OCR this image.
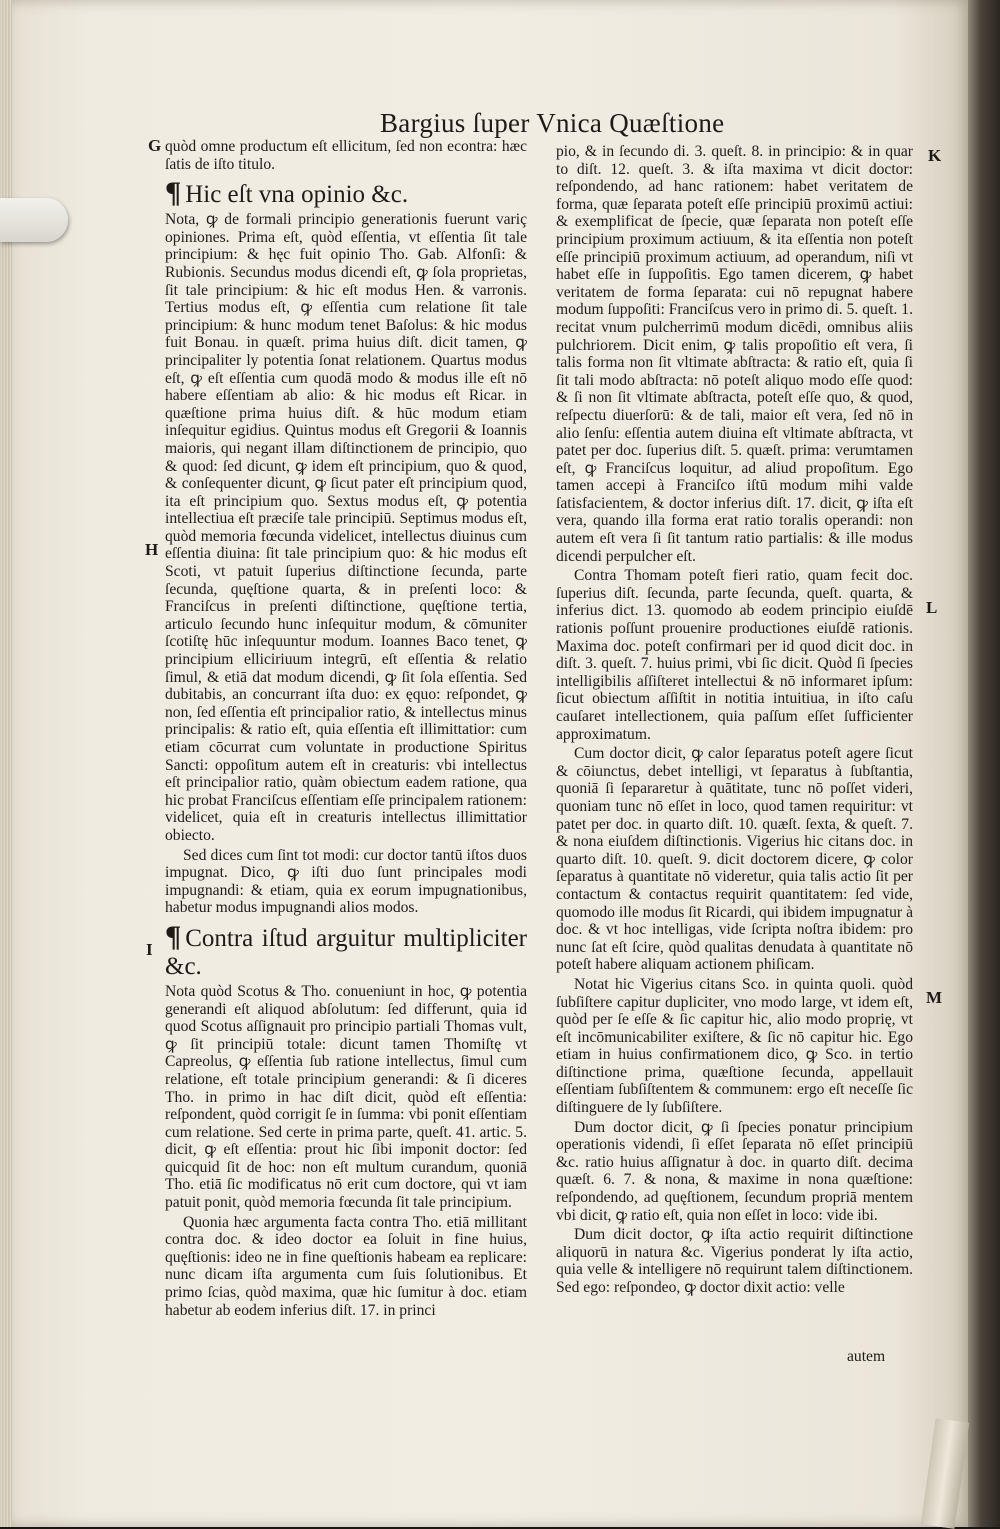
Bargius ſuper Vnica Quæſtione
G
H
I
K
L
M

quòd omne productum eſt ellicitum, ſed non econtra: hæc ſatis de iſto titulo.

¶ Hic eſt vna opinio &c.

Nota, ꝙ de formali principio generationis fuerunt variç opiniones. Prima eſt, quòd eſſentia, vt eſſentia ſit tale principium: & hęc fuit opinio Tho. Gab. Alfonſi: & Rubionis. Secundus modus dicendi eſt, ꝙ ſola proprietas, ſit tale principium: & hic eſt modus Hen. & varronis. Tertius modus eſt, ꝙ eſſentia cum relatione ſit tale principium: & hunc modum tenet Baſolus: & hic modus fuit Bonau. in quæſt. prima huius diſt. dicit tamen, ꝙ principaliter ly potentia ſonat relationem. Quartus modus eſt, ꝙ eſt eſſentia cum quodā modo & modus ille eſt nō habere eſſentiam ab alio: & hic modus eſt Ricar. in quæſtione prima huius diſt. & hūc modum etiam inſequitur egidius. Quintus modus eſt Gregorii & Ioannis maioris, qui negant illam diſtinctionem de principio, quo & quod: ſed dicunt, ꝙ idem eſt principium, quo & quod, & conſequenter dicunt, ꝙ ſicut pater eſt principium quod, ita eſt principium quo. Sextus modus eſt, ꝙ potentia intellectiua eſt præciſe tale principiū. Septimus modus eſt, quòd memoria fœcunda videlicet, intellectus diuinus cum eſſentia diuina: ſit tale principium quo: & hic modus eſt Scoti, vt patuit ſuperius diſtinctione ſecunda, parte ſecunda, quęſtione quarta, & in preſenti loco: & Franciſcus in preſenti diſtinctione, quęſtione tertia, articulo ſecundo hunc inſequitur modum, & cōmuniter ſcotiſtę hūc inſequuntur modum. Ioannes Baco tenet, ꝙ principium elliciriuum integrū, eſt eſſentia & relatio ſimul, & etiā dat modum dicendi, ꝙ ſit ſola eſſentia. Sed dubitabis, an concurrant iſta duo: ex ęquo: reſpondet, ꝙ non, ſed eſſentia eſt principalior ratio, & intellectus minus principalis: & ratio eſt, quia eſſentia eſt illimittatior: cum etiam cōcurrat cum voluntate in productione Spiritus Sancti: oppoſitum autem eſt in creaturis: vbi intellectus eſt principalior ratio, quàm obiectum eadem ratione, qua hic probat Franciſcus eſſentiam eſſe principalem rationem: videlicet, quia eſt in creaturis intellectus illimittatior obiecto.

Sed dices cum ſint tot modi: cur doctor tantū iſtos duos impugnat. Dico, ꝙ iſti duo ſunt principales modi impugnandi: & etiam, quia ex eorum impugnationibus, habetur modus impugnandi alios modos.

¶ Contra iſtud arguitur multipliciter &c.

Nota quòd Scotus & Tho. conueniunt in hoc, ꝙ potentia generandi eſt aliquod abſolutum: ſed differunt, quia id quod Scotus aſſignauit pro principio partiali Thomas vult, ꝙ ſit principiū totale: dicunt tamen Thomiſtę vt Capreolus, ꝙ eſſentia ſub ratione intellectus, ſimul cum relatione, eſt totale principium generandi: & ſi diceres Tho. in primo in hac diſt dicit, quòd eſt eſſentia: reſpondent, quòd corrigit ſe in ſumma: vbi ponit eſſentiam cum relatione. Sed certe in prima parte, queſt. 41. artic. 5. dicit, ꝙ eſt eſſentia: prout hic ſibi imponit doctor: ſed quicquid ſit de hoc: non eſt multum curandum, quoniā Tho. etiā ſic modificatus nō erit cum doctore, qui vt iam patuit ponit, quòd memoria fœcunda ſit tale principium.

Quonia hæc argumenta facta contra Tho. etiā millitant contra doc. & ideo doctor ea ſoluit in fine huius, quęſtionis: ideo ne in fine queſtionis habeam ea replicare: nunc dicam iſta argumenta cum ſuis ſolutionibus. Et primo ſcias, quòd maxima, quæ hic ſumitur à doc. etiam habetur ab eodem inferius diſt. 17. in princi

pio, & in ſecundo di. 3. queſt. 8. in principio: & in quar to diſt. 12. queſt. 3. & iſta maxima vt dicit doctor: reſpondendo, ad hanc rationem: habet veritatem de forma, quæ ſeparata poteſt eſſe principiū proximū actiui: & exemplificat de ſpecie, quæ ſeparata non poteſt eſſe principium proximum actiuum, & ita eſſentia non poteſt eſſe principiū proximum actiuum, ad operandum, niſi vt habet eſſe in ſuppoſitis. Ego tamen dicerem, ꝙ habet veritatem de forma ſeparata: cui nō repugnat habere modum ſuppoſiti: Franciſcus vero in primo di. 5. queſt. 1. recitat vnum pulcherrimū modum dicēdi, omnibus aliis pulchriorem. Dicit enim, ꝙ talis propoſitio eſt vera, ſi talis forma non ſit vltimate abſtracta: & ratio eſt, quia ſi ſit tali modo abſtracta: nō poteſt aliquo modo eſſe quod: & ſi non ſit vltimate abſtracta, poteſt eſſe quo, & quod, reſpectu diuerſorū: & de tali, maior eſt vera, ſed nō in alio ſenſu: eſſentia autem diuina eſt vltimate abſtracta, vt patet per doc. ſuperius diſt. 5. quæſt. prima: verumtamen eſt, ꝙ Franciſcus loquitur, ad aliud propoſitum. Ego tamen accepi à Franciſco iſtū modum mihi valde ſatisfacientem, & doctor inferius diſt. 17. dicit, ꝙ iſta eſt vera, quando illa forma erat ratio toralis operandi: non autem eſt vera ſi ſit tantum ratio partialis: & ille modus dicendi perpulcher eſt.

Contra Thomam poteſt fieri ratio, quam fecit doc. ſuperius diſt. ſecunda, parte ſecunda, queſt. quarta, & inferius dict. 13. quomodo ab eodem principio eiuſdē rationis poſſunt prouenire productiones eiuſdē rationis. Maxima doc. poteſt confirmari per id quod dicit doc. in diſt. 3. queſt. 7. huius primi, vbi ſic dicit. Quòd ſi ſpecies intelligibilis aſſiſteret intellectui & nō informaret ipſum: ſicut obiectum aſſiſtit in notitia intuitiua, in iſto caſu cauſaret intellectionem, quia paſſum eſſet ſufficienter approximatum.

Cum doctor dicit, ꝙ calor ſeparatus poteſt agere ſicut & cōiunctus, debet intelligi, vt ſeparatus à ſubſtantia, quoniā ſi ſepararetur à quātitate, tunc nō poſſet videri, quoniam tunc nō eſſet in loco, quod tamen requiritur: vt patet per doc. in quarto diſt. 10. quæſt. ſexta, & queſt. 7. & nona eiuſdem diſtinctionis. Vigerius hic citans doc. in quarto diſt. 10. queſt. 9. dicit doctorem dicere, ꝙ color ſeparatus à quantitate nō videretur, quia talis actio ſit per contactum & contactus requirit quantitatem: ſed vide, quomodo ille modus ſit Ricardi, qui ibidem impugnatur à doc. & vt hoc intelligas, vide ſcripta noſtra ibidem: pro nunc ſat eſt ſcire, quòd qualitas denudata à quantitate nō poteſt habere aliquam actionem phiſicam.

Notat hic Vigerius citans Sco. in quinta quoli. quòd ſubſiſtere capitur dupliciter, vno modo large, vt idem eſt, quòd per ſe eſſe & ſic capitur hic, alio modo proprię, vt eſt incōmunicabiliter exiſtere, & ſic nō capitur hic. Ego etiam in huius confirmationem dico, ꝙ Sco. in tertio diſtinctione prima, quæſtione ſecunda, appellauit eſſentiam ſubſiſtentem & communem: ergo eſt neceſſe ſic diſtinguere de ly ſubſiſtere.

Dum doctor dicit, ꝙ ſi ſpecies ponatur principium operationis videndi, ſi eſſet ſeparata nō eſſet principiū &c. ratio huius aſſignatur à doc. in quarto diſt. decima quæſt. 6. 7. & nona, & maxime in nona quæſtione: reſpondendo, ad quęſtionem, ſecundum propriā mentem vbi dicit, ꝙ ratio eſt, quia non eſſet in loco: vide ibi.

Dum dicit doctor, ꝙ iſta actio requirit diſtinctione aliquorū in natura &c. Vigerius ponderat ly iſta actio, quia velle & intelligere nō requirunt talem diſtinctionem. Sed ego: reſpondeo, ꝙ doctor dixit actio: velle

autem
